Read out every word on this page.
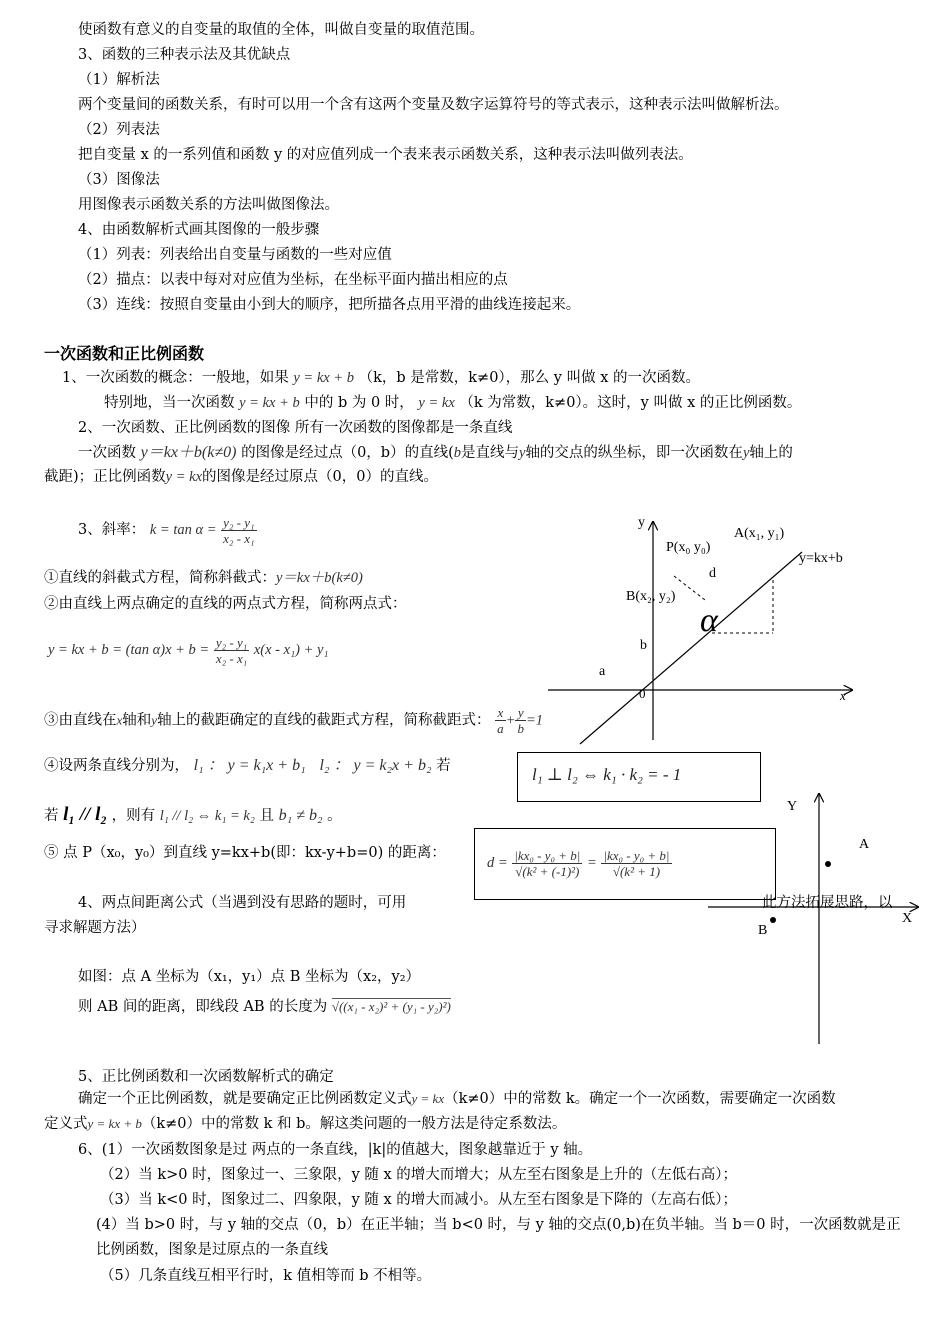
使函数有意义的自变量的取值的全体，叫做自变量的取值范围。
3、函数的三种表示法及其优缺点
（1）解析法
两个变量间的函数关系，有时可以用一个含有这两个变量及数字运算符号的等式表示，这种表示法叫做解析法。
（2）列表法
把自变量 x 的一系列值和函数 y 的对应值列成一个表来表示函数关系，这种表示法叫做列表法。
（3）图像法
用图像表示函数关系的方法叫做图像法。
4、由函数解析式画其图像的一般步骤
（1）列表：列表给出自变量与函数的一些对应值
（2）描点：以表中每对对应值为坐标，在坐标平面内描出相应的点
（3）连线：按照自变量由小到大的顺序，把所描各点用平滑的曲线连接起来。
一次函数和正比例函数
1、一次函数的概念：一般地，如果 y = kx + b （k，b 是常数，k≠0），那么 y 叫做 x 的一次函数。
特别地，当一次函数 y = kx + b 中的 b 为 0 时， y = kx （k 为常数，k≠0）。这时，y 叫做 x 的正比例函数。
2、一次函数、正比例函数的图像 所有一次函数的图像都是一条直线
一次函数 y＝kx＋b(k≠0) 的图像是经过点（0，b）的直线(b是直线与y轴的交点的纵坐标，即一次函数在y轴上的
截距)；正比例函数y = kx的图像是经过原点（0，0）的直线。
3、斜率： $k = \tan \alpha = \frac{\text{y₂ - y₁}}{\text{x₂ - x₁}}$
①直线的斜截式方程，简称斜截式：y＝kx＋b(k≠0)
②由直线上两点确定的直线的两点式方程，简称两点式：
y = kx + b = (tan $\alpha)x + b = \frac{\text{y₂ - y₁}}{\text{x₂ - x₁}} x(x - x_1) + y_1$
③由直线在x轴和y轴上的截距确定的直线的截距式方程，简称截距式： $\frac{x}{a} + \frac{y}{b} =1$
④设两条直线分别为， l₁ ： y = k₁x + b₁ l₂ ： y = k₂x + b₂ 若	l₁ ⊥ l₂ ⇔ k₁ · k₂ = - 1
若 l₁ // l₂ ，则有 l₁ // l₂ ⇔ k₁ = k₂ 且 b₁ ≠ b₂ 。
⑤ 点 P（x₀，y₀）到直线 y=kx+b(即：kx-y+b=0) 的距离：
$d = \frac{\text{|kx₀ - y₀ + b|}}{\text{√(k² + (-1)²)}} = \frac{\text{|kx₀ - y₀ + b|}}{\text{√(k² + 1)}}$
4、两点间距离公式（当遇到没有思路的题时，可用	此方法拓展思路，以
寻求解题方法）
如图：点 A 坐标为（x₁，y₁）点 B 坐标为（x₂，y₂）
则 AB 间的距离，即线段 AB 的长度为 √((x₁ - x₂)² + (y₁ - y₂)²)
5、正比例函数和一次函数解析式的确定
确定一个正比例函数，就是要确定正比例函数定义式y = kx（k≠0）中的常数 k。确定一个一次函数，需要确定一次函数
定义式y = kx + b（k≠0）中的常数 k 和 b。解这类问题的一般方法是待定系数法。
6、(1）一次函数图象是过 两点的一条直线，|k|的值越大，图象越靠近于 y 轴。
（2）当 k>0 时，图象过一、三象限，y 随 x 的增大而增大；从左至右图象是上升的（左低右高）；
（3）当 k<0 时，图象过二、四象限，y 随 x 的增大而减小。从左至右图象是下降的（左高右低）；
(4）当 b>0 时，与 y 轴的交点（0，b）在正半轴；当 b<0 时，与 y 轴的交点(0,b)在负半轴。当 b＝0 时，一次函数就是正
比例函数，图象是过原点的一条直线
（5）几条直线互相平行时，k 值相等而 b 不相等。
y
x
0
P(x₀ y₀)
A(x₁, y₁)
B(x₂, y₂)
y=kx+b
d
b
a
α
Y
X
A
B
